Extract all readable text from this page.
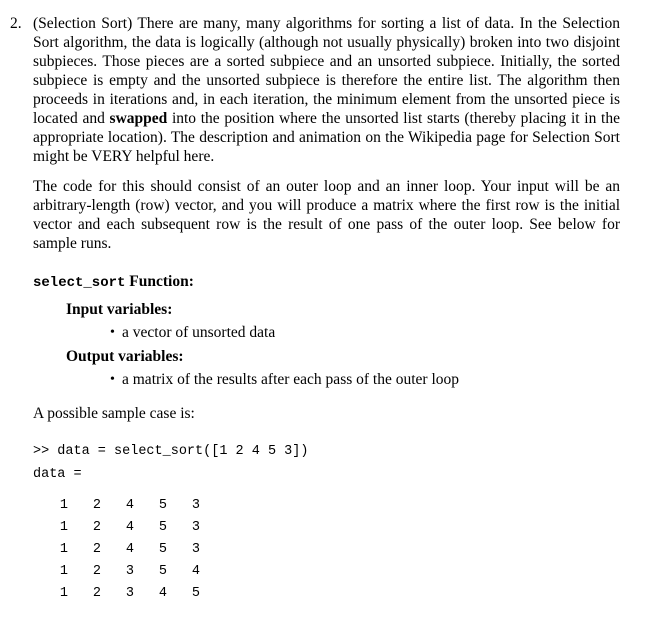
2. (Selection Sort) There are many, many algorithms for sorting a list of data. In the Selection Sort algorithm, the data is logically (although not usually physically) broken into two disjoint subpieces. Those pieces are a sorted subpiece and an unsorted subpiece. Initially, the sorted subpiece is empty and the unsorted subpiece is therefore the entire list. The algorithm then proceeds in iterations and, in each iteration, the minimum element from the unsorted piece is located and swapped into the position where the unsorted list starts (thereby placing it in the appropriate location). The description and animation on the Wikipedia page for Selection Sort might be VERY helpful here.

The code for this should consist of an outer loop and an inner loop. Your input will be an arbitrary-length (row) vector, and you will produce a matrix where the first row is the initial vector and each subsequent row is the result of one pass of the outer loop. See below for sample runs.

select_sort Function:
Input variables:
• a vector of unsorted data
Output variables:
• a matrix of the results after each pass of the outer loop

A possible sample case is:

>> data = select_sort([1 2 4 5 3])
data =
1	2	4	5	3
1	2	4	5	3
1	2	4	5	3
1	2	3	5	4
1	2	3	4	5
